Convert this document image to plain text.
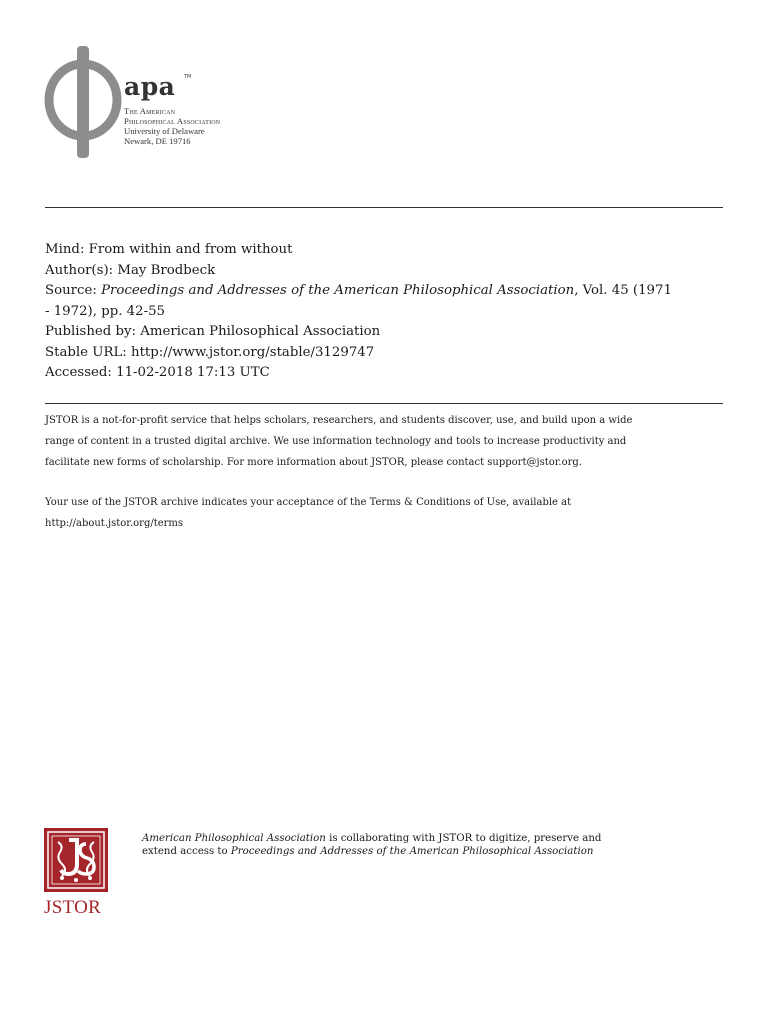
apa TM
The American
Philosophical Association
University of Delaware
Newark, DE 19716
Mind: From within and from without
Author(s): May Brodbeck
Source: Proceedings and Addresses of the American Philosophical Association, Vol. 45 (1971
- 1972), pp. 42-55
Published by: American Philosophical Association
Stable URL: http://www.jstor.org/stable/3129747
Accessed: 11-02-2018 17:13 UTC
JSTOR is a not-for-profit service that helps scholars, researchers, and students discover, use, and build upon a wide
range of content in a trusted digital archive. We use information technology and tools to increase productivity and
facilitate new forms of scholarship. For more information about JSTOR, please contact support@jstor.org.
Your use of the JSTOR archive indicates your acceptance of the Terms & Conditions of Use, available at
http://about.jstor.org/terms
JSTOR
American Philosophical Association is collaborating with JSTOR to digitize, preserve and
extend access to Proceedings and Addresses of the American Philosophical Association
